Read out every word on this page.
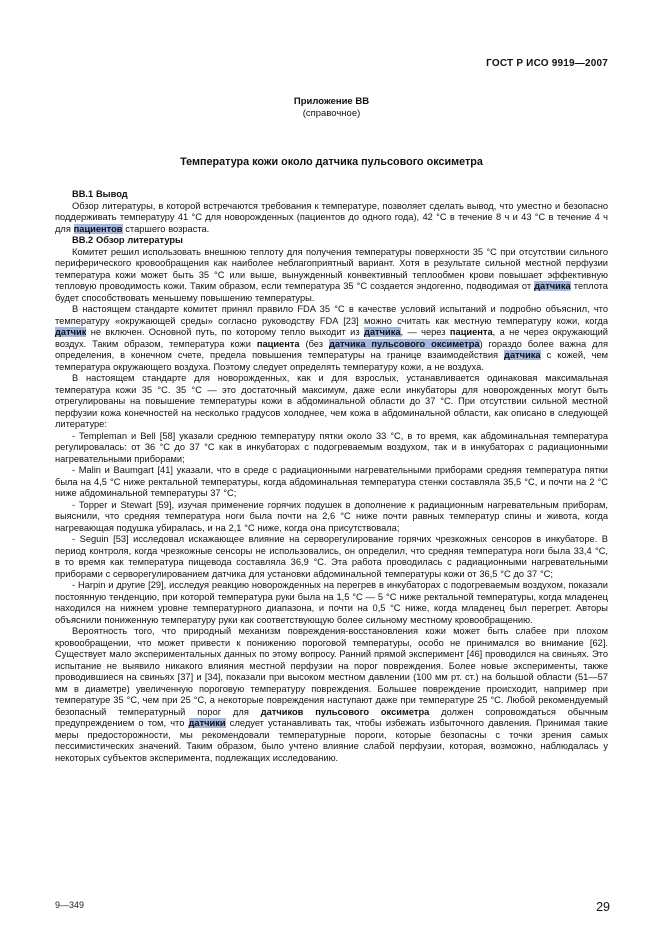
ГОСТ Р ИСО 9919—2007
Приложение ВВ
(справочное)
Температура кожи около датчика пульсового оксиметра

ВВ.1 Вывод

Обзор литературы, в которой встречаются требования к температуре, позволяет сделать вывод, что уместно и безопасно поддерживать температуру 41 °С для новорожденных (пациентов до одного года), 42 °С в течение 8 ч и 43 °С в течение 4 ч для пациентов старшего возраста.

ВВ.2 Обзор литературы

Комитет решил использовать внешнюю теплоту для получения температуры поверхности 35 °С при отсутствии сильного периферического кровообращения как наиболее неблагоприятный вариант. Хотя в результате сильной местной перфузии температура кожи может быть 35 °С или выше, вынужденный конвективный теплообмен крови повышает эффективную тепловую проводимость кожи. Таким образом, если температура 35 °С создается эндогенно, подводимая от датчика теплота будет способствовать меньшему повышению температуры.

В настоящем стандарте комитет принял правило FDA 35 °С в качестве условий испытаний и подробно объяснил, что температуру «окружающей среды» согласно руководству FDA [23] можно считать как местную температуру кожи, когда датчик не включен. Основной путь, по которому тепло выходит из датчика, — через пациента, а не через окружающий воздух. Таким образом, температура кожи пациента (без датчика пульсового оксиметра) гораздо более важна для определения, в конечном счете, предела повышения температуры на границе взаимодействия датчика с кожей, чем температура окружающего воздуха. Поэтому следует определять температуру кожи, а не воздуха.

В настоящем стандарте для новорожденных, как и для взрослых, устанавливается одинаковая максимальная температура кожи 35 °С. 35 °С — это достаточный максимум, даже если инкубаторы для новорожденных могут быть отрегулированы на повышение температуры кожи в абдоминальной области до 37 °С. При отсутствии сильной местной перфузии кожа конечностей на несколько градусов холоднее, чем кожа в абдоминальной области, как описано в следующей литературе:

- Templeman и Bell [58] указали среднюю температуру пятки около 33 °С, в то время, как абдоминальная температура регулировалась: от 36 °С до 37 °С как в инкубаторах с подогреваемым воздухом, так и в инкубаторах с радиационными нагревательными приборами;

- Malin и Baumgart [41] указали, что в среде с радиационными нагревательными приборами средняя температура пятки была на 4,5 °С ниже ректальной температуры, когда абдоминальная температура стенки составляла 35,5 °С, и почти на 2 °С ниже абдоминальной температуры 37 °С;

- Topper и Stewart [59], изучая применение горячих подушек в дополнение к радиационным нагревательным приборам, выяснили, что средняя температура ноги была почти на 2,6 °С ниже почти равных температур спины и живота, когда нагревающая подушка убиралась, и на 2,1 °С ниже, когда она присутствовала;

- Seguin [53] исследовал искажающее влияние на серворегулирование горячих чрезкожных сенсоров в инкубаторе. В период контроля, когда чрезкожные сенсоры не использовались, он определил, что средняя температура ноги была 33,4 °С, в то время как температура пищевода составляла 36,9 °С. Эта работа проводилась с радиационными нагревательными приборами с серворегулированием датчика для установки абдоминальной температуры кожи от 36,5 °С до 37 °С;

- Harpin и другие [29], исследуя реакцию новорожденных на перегрев в инкубаторах с подогреваемым воздухом, показали постоянную тенденцию, при которой температура руки была на 1,5 °С — 5 °С ниже ректальной температуры, когда младенец находился на нижнем уровне температурного диапазона, и почти на 0,5 °С ниже, когда младенец был перегрет. Авторы объяснили пониженную температуру руки как соответствующую более сильному местному кровообращению.

Вероятность того, что природный механизм повреждения-восстановления кожи может быть слабее при плохом кровообращении, что может привести к понижению пороговой температуры, особо не принимался во внимание [62]. Существует мало экспериментальных данных по этому вопросу. Ранний прямой эксперимент [46] проводился на свиньях. Это испытание не выявило никакого влияния местной перфузии на порог повреждения. Более новые эксперименты, также проводившиеся на свиньях [37] и [34], показали при высоком местном давлении (100 мм рт. ст.) на большой области (51—57 мм в диаметре) увеличенную пороговую температуру повреждения. Большее повреждение происходит, например при температуре 35 °С, чем при 25 °С, а некоторые повреждения наступают даже при температуре 25 °С. Любой рекомендуемый безопасный температурный порог для датчиков пульсового оксиметра должен сопровождаться обычным предупреждением о том, что датчики следует устанавливать так, чтобы избежать избыточного давления. Принимая такие меры предосторожности, мы рекомендовали температурные пороги, которые безопасны с точки зрения самых пессимистических значений. Таким образом, было учтено влияние слабой перфузии, которая, возможно, наблюдалась у некоторых субъектов эксперимента, подлежащих исследованию.

9—349	29
